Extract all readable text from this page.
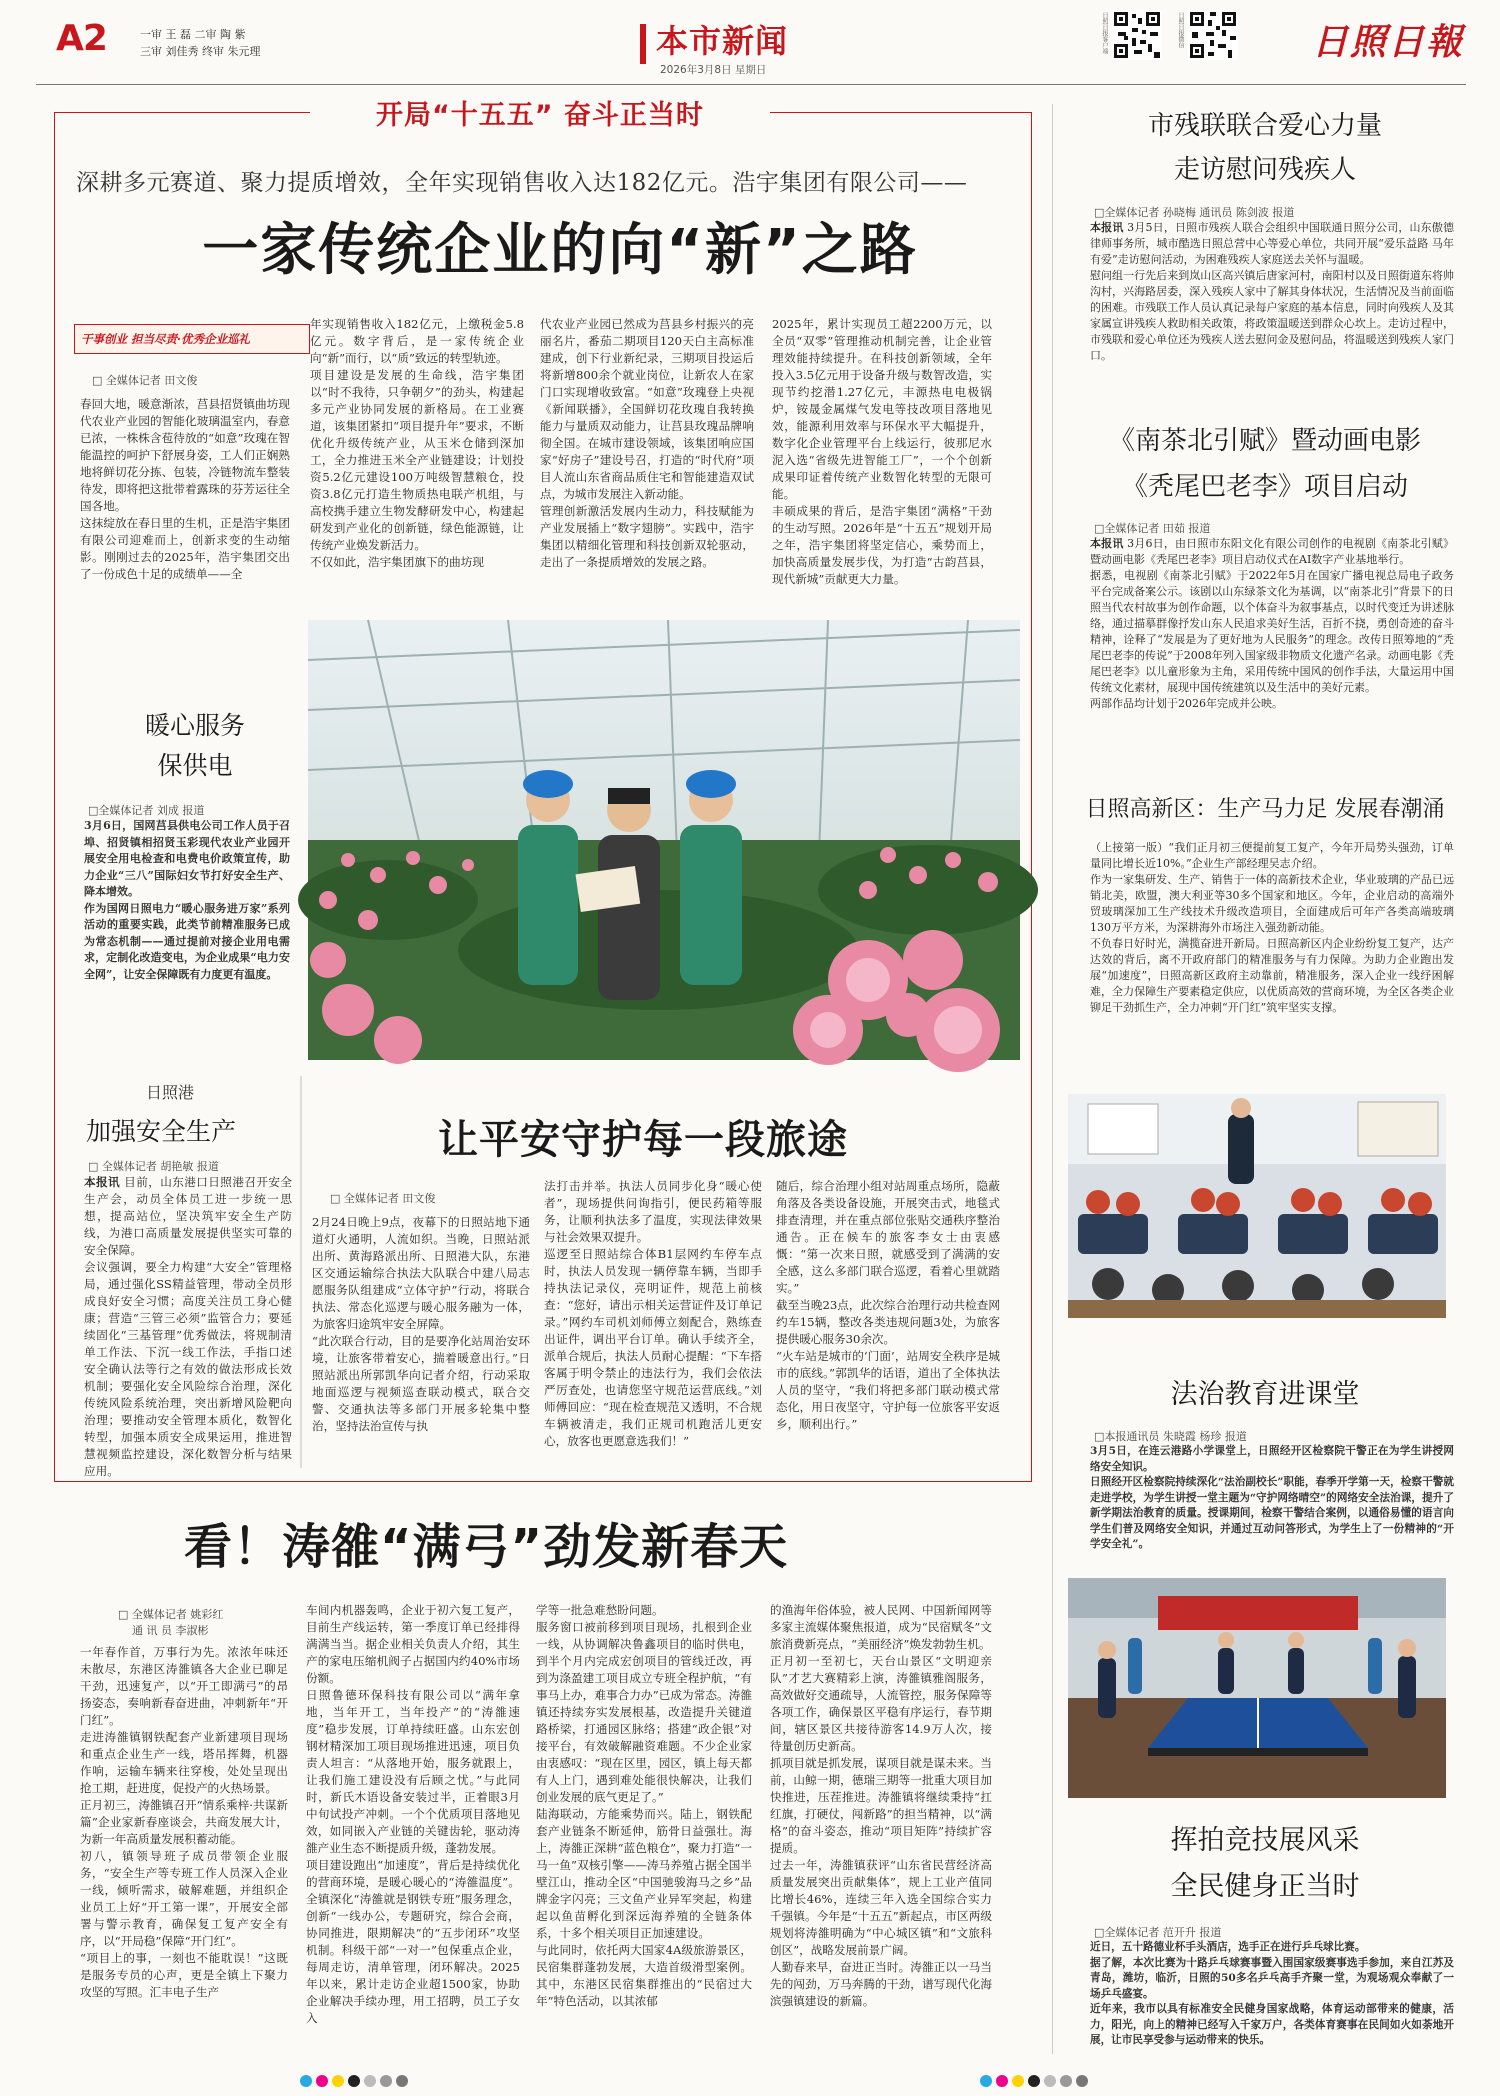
A2	一审 王 磊 二审 陶 紫
三审 刘佳秀 终审 朱元理	本市新闻
2026年3月8日 星期日
日照日报客户端	日照日报微信	日照日報
开局“十五五” 奋斗正当时
深耕多元赛道、聚力提质增效，全年实现销售收入达182亿元。浩宇集团有限公司——
一家传统企业的向“新”之路
干事创业 担当尽责·优秀企业巡礼
□ 全媒体记者 田文俊
春回大地，暖意渐浓，莒县招贤镇曲坊现代农业产业园的智能化玻璃温室内，春意已浓，一株株含苞待放的“如意”玫瑰在智能温控的呵护下舒展身姿，工人们正娴熟地将鲜切花分拣、包装，冷链物流车整装待发，即将把这批带着露珠的芬芳运往全国各地。
这抹绽放在春日里的生机，正是浩宇集团有限公司迎难而上，创新求变的生动缩影。刚刚过去的2025年，浩宇集团交出了一份成色十足的成绩单——全
年实现销售收入182亿元，上缴税金5.8亿元。数字背后，是一家传统企业向“新”而行，以“质”致远的转型轨迹。
项目建设是发展的生命线，浩宇集团以“时不我待，只争朝夕”的劲头，构建起多元产业协同发展的新格局。在工业赛道，该集团紧扣“项目提升年”要求，不断优化升级传统产业，从玉米仓储到深加工，全力推进玉米全产业链建设；计划投资5.2亿元建设100万吨级智慧粮仓，投资3.8亿元打造生物质热电联产机组，与高校携手建立生物发酵研发中心，构建起研发到产业化的创新链，绿色能源链，让传统产业焕发新活力。
不仅如此，浩宇集团旗下的曲坊现
代农业产业园已然成为莒县乡村振兴的亮丽名片，番茄二期项目120天白主高标准建成，创下行业新纪录，三期项目投运后将新增800余个就业岗位，让新农人在家门口实现增收致富。“如意”玫瑰登上央视《新闻联播》，全国鲜切花玫瑰自我转换能力与量质双动能力，让莒县玫瑰品牌响彻全国。在城市建设领域，该集团响应国家“好房子”建设号召，打造的“时代府”项目人流山东省商品质住宅和智能建造双试点，为城市发展注入新动能。
管理创新激活发展内生动力，科技赋能为产业发展插上“数字翅膀”。实践中，浩宇集团以精细化管理和科技创新双轮驱动，走出了一条提质增效的发展之路。
2025年，累计实现员工超2200万元，以全员“双零”管理推动机制完善，让企业管理效能持续提升。在科技创新领域，全年投入3.5亿元用于设备升级与数智改造，实现节约挖潜1.27亿元，丰源热电电极锅炉，铵晟金属煤气发电等技改项目落地见效，能源利用效率与环保水平大幅提升，数字化企业管理平台上线运行，彼那尼水泥入选“省级先进智能工厂”，一个个创新成果印证着传统产业数智化转型的无限可能。
丰硕成果的背后，是浩宇集团“满格”干劲的生动写照。2026年是“十五五”规划开局之年，浩宇集团将坚定信心，乘势而上，加快高质量发展步伐，为打造“古韵莒县，现代新城”贡献更大力量。
暖心服务
保供电
□全媒体记者 刘成 报道
3月6日，国网莒县供电公司工作人员于召埠、招贤镇相招贤玉彩现代农业产业园开展安全用电检查和电费电价政策宣传，助力企业“三八”国际妇女节打好安全生产、降本增效。
作为国网日照电力“暖心服务进万家”系列活动的重要实践，此类节前精准服务已成为常态机制——通过提前对接企业用电需求，定制化改造变电，为企业成果“电力安全网”，让安全保障既有力度更有温度。
日照港
加强安全生产
□ 全媒体记者 胡艳敏 报道
本报讯 目前，山东港口日照港召开安全生产会，动员全体员工进一步统一思想，提高站位，坚决筑牢安全生产防线，为港口高质量发展提供坚实可靠的安全保障。
会议强调，要全力构建“大安全”管理格局，通过强化SS精益管理，带动全员形成良好安全习惯；高度关注员工身心健康；营造“三管三必须”监管合力；要延续固化“三基管理”优秀做法，将规制清单工作法、下沉一线工作法，手指口述安全确认法等行之有效的做法形成长效机制；要强化安全风险综合治理，深化传统风险系统治理，突出新增风险靶向治理；要推动安全管理本质化，数智化转型，加强本质安全成果运用，推进智慧视频监控建设，深化数智分析与结果应用。
让平安守护每一段旅途
□ 全媒体记者 田文俊
2月24日晚上9点，夜幕下的日照站地下通道灯火通明，人流如织。当晚，日照站派出所、黄海路派出所、日照港大队，东港区交通运输综合执法大队联合中建八局志愿服务队组建成“立体守护”行动，将联合执法、常态化巡逻与暖心服务融为一体，为旅客归途筑牢安全屏障。
“此次联合行动，目的是要净化站周治安环境，让旅客带着安心，揣着暖意出行。”日照站派出所郭凯华向记者介绍，行动采取地面巡逻与视频巡查联动模式，联合交警、交通执法等多部门开展多轮集中整治，坚持法治宣传与执
法打击并举。执法人员同步化身“暖心使者”，现场提供问询指引，便民药箱等服务，让顺利执法多了温度，实现法律效果与社会效果双提升。
巡逻至日照站综合体B1层网约车停车点时，执法人员发现一辆停靠车辆，当即手持执法记录仪，亮明证件，规范上前核查：“您好，请出示相关运营证件及订单记录。”网约车司机刘师傅立刻配合，熟练查出证件，调出平台订单。确认手续齐全，派单合规后，执法人员耐心提醒：“下车搭客属于明令禁止的违法行为，我们会依法严厉查处，也请您坚守规范运营底线。”刘师傅回应：“现在检查规范又透明，不合规车辆被清走，我们正规司机跑活儿更安心，放客也更愿意选我们！”
随后，综合治理小组对站周重点场所，隐蔽角落及各类设备设施，开展突击式，地毯式排查清理，并在重点部位张贴交通秩序整治通告。正在候车的旅客李女士由衷感慨：“第一次来日照，就感受到了满满的安全感，这么多部门联合巡逻，看着心里就踏实。”
截至当晚23点，此次综合治理行动共检查网约车15辆，整改各类违规问题3处，为旅客提供暖心服务30余次。
“火车站是城市的‘门面’，站周安全秩序是城市的底线。”郭凯华的话语，道出了全体执法人员的坚守，“我们将把多部门联动模式常态化，用日夜坚守，守护每一位旅客平安返乡，顺利出行。”
看！涛雒“满弓”劲发新春天
□ 全媒体记者 姚彩红
通 讯 员 李淑彬
一年春作首，万事行为先。浓浓年味还未散尽，东港区涛雒镇各大企业已聊足干劲，迅速复产，以“开工即满弓”的昂扬姿态，奏响新春奋进曲，冲刺新年“开门红”。
走进涛雒镇钢铁配套产业新建项目现场和重点企业生产一线，塔吊挥舞，机器作响，运输车辆来往穿梭，处处呈现出抢工期，赶进度，促投产的火热场景。
正月初三，涛雒镇召开“情系乘梓·共谋新篇”企业家新春座谈会，共商发展大计，为新一年高质量发展积蓄动能。
初八，镇领导班子成员带领企业服务，“安全生产等专班工作人员深入企业一线，倾听需求，破解难题，并组织企业员工上好“开工第一课”，开展安全部署与警示教育，确保复工复产安全有序，以“开局稳”保障“开门红”。
“项目上的事，一刻也不能耽误！”这既是服务专员的心声，更是全镇上下聚力攻坚的写照。汇丰电子生产
车间内机器轰鸣，企业于初六复工复产，目前生产线运转，第一季度订单已经排得满满当当。据企业相关负责人介绍，其生产的家电压缩机阀子占据国内约40%市场份额。
日照鲁德环保科技有限公司以“满年拿地，当年开工，当年投产”的“涛雒速度”稳步发展，订单持续旺盛。山东宏创钢材精深加工项目现场推进迅速，项目负责人坦言：“从落地开始，服务就跟上，让我们施工建设没有后顾之忧。”与此同时，新氏木语设备安装过半，正着眼3月中旬试投产冲刺。一个个优质项目落地见效，如同嵌入产业链的关键齿轮，驱动涛雒产业生态不断提质升级，蓬勃发展。
项目建设跑出“加速度”，背后是持续优化的营商环境，是暖心暖心的“涛雒温度”。全镇深化“涛雒就是钢铁专班”服务理念，创新“一线办公，专题研究，综合会商，协同推进，限期解决”的“五步闭环”攻坚机制。科级干部“一对一”包保重点企业，每周走访，清单管理，闭环解决。2025年以来，累计走访企业超1500家，协助企业解决手续办理，用工招聘，员工子女入
学等一批急难愁盼问题。
服务窗口被前移到项目现场，扎根到企业一线，从协调解决鲁鑫项目的临时供电，到半个月内完成宏创项目的管线迁改，再到为涤盈建工项目成立专班全程护航，“有事马上办，难事合力办”已成为常态。涛雒镇还持续夯实发展根基，改造提升关键道路桥梁，打通园区脉络；搭建“政企银”对接平台，有效破解融资难题。不少企业家由衷感叹：“现在区里，园区，镇上每天都有人上门，遇到难处能很快解决，让我们创业发展的底气更足了。”
陆海联动，方能乘势而兴。陆上，钢铁配套产业链条不断延伸，筋骨日益强壮。海上，涛雒正深耕“蓝色粮仓”，聚力打造“一马一鱼”双核引擎——涛马养殖占据全国半壁江山，推动全区“中国驰骏海马之乡”品牌金字闪亮；三文鱼产业异军突起，构建起以鱼苗孵化到深远海养殖的全链条体系，十多个相关项目正加速建设。
与此同时，依托两大国家4A级旅游景区，民宿集群蓬勃发展，大造首级滑型案例。其中，东港区民宿集群推出的“民宿过大年”特色活动，以其浓郁
的渔海年俗体验，被人民网、中国新闻网等多家主流媒体聚焦报道，成为“民宿赋冬”文旅消费新亮点，“美丽经济”焕发勃勃生机。
正月初一至初七，天台山景区“文明迎亲队”才艺大赛精彩上演，涛雒镇雅阁服务，高效做好交通疏导，人流管控，服务保障等各项工作，确保景区平稳有序运行，春节期间，辖区景区共接待游客14.9万人次，接待量创历史新高。
抓项目就是抓发展，谋项目就是谋未来。当前，山鲸一期，德瑞三期等一批重大项目加快推进，压茬推进。涛雒镇将继续秉持“扛红旗，打硬仗，闯新路”的担当精神，以“满格”的奋斗姿态，推动“项目矩阵”持续扩容提质。
过去一年，涛雒镇获评“山东省民营经济高质量发展突出贡献集体”，规上工业产值同比增长46%，连续三年入选全国综合实力千强镇。今年是“十五五”新起点，市区两级规划将涛雒明确为“中心城区镇”和“文旅科创区”，战略发展前景广阔。
人勤春来早，奋进正当时。涛雒正以一马当先的闯劲，万马奔腾的干劲，谱写现代化海滨强镇建设的新篇。
市残联联合爱心力量
走访慰问残疾人
□全媒体记者 孙晓梅 通讯员 陈剑波 报道
本报讯 3月5日，日照市残疾人联合会组织中国联通日照分公司，山东傲德律师事务所，城市酷选日照总营中心等爱心单位，共同开展“爱乐益路 马年有爱”走访慰问活动，为困难残疾人家庭送去关怀与温暖。
慰问组一行先后来到岚山区高兴镇后唐家河村，南阳村以及日照街道东将帅沟村，兴海路居委，深入残疾人家中了解其身体状况，生活情况及当前面临的困难。市残联工作人员认真记录每户家庭的基本信息，同时向残疾人及其家属宣讲残疾人救助相关政策，将政策温暖送到群众心坎上。走访过程中，市残联和爱心单位还为残疾人送去慰问金及慰问品，将温暖送到残疾人家门口。
《南茶北引赋》暨动画电影
《秃尾巴老李》项目启动
□全媒体记者 田茹 报道
本报讯 3月6日，由日照市东阳文化有限公司创作的电视剧《南茶北引赋》暨动画电影《秃尾巴老李》项目启动仪式在AI数字产业基地举行。
据悉，电视剧《南茶北引赋》于2022年5月在国家广播电视总局电子政务平台完成备案公示。该剧以山东绿茶文化为基调，以“南茶北引”背景下的日照当代农村故事为创作命题，以个体奋斗为叙事基点，以时代变迁为讲述脉络，通过描摹群像抒发山东人民追求美好生活，百折不挠，勇创奇迹的奋斗精神，诠释了“发展是为了更好地为人民服务”的理念。改传日照筹地的“秃尾巴老李的传说”于2008年列入国家级非物质文化遗产名录。动画电影《秃尾巴老李》以儿童形象为主角，采用传统中国风的创作手法，大量运用中国传统文化素材，展现中国传统建筑以及生活中的美好元素。
两部作品均计划于2026年完成并公映。
日照高新区：生产马力足 发展春潮涌
（上接第一版）“我们正月初三便提前复工复产，今年开局势头强劲，订单量同比增长近10%。”企业生产部经理吴志介绍。
作为一家集研发、生产、销售于一体的高新技术企业，华业玻璃的产品已远销北美，欧盟，澳大利亚等30多个国家和地区。今年，企业启动的高端外贸玻璃深加工生产线技术升级改造项目，全面建成后可年产各类高端玻璃130万平方米，为深耕海外市场注入强劲新动能。
不负春日好时光，满揽奋进开新局。日照高新区内企业纷纷复工复产，达产达效的背后，离不开政府部门的精准服务与有力保障。为助力企业跑出发展“加速度”，日照高新区政府主动靠前，精准服务，深入企业一线纾困解难，全力保障生产要素稳定供应，以优质高效的营商环境，为全区各类企业铆足干劲抓生产，全力冲刺“开门红”筑牢坚实支撑。
法治教育进课堂
□本报通讯员 朱晓霞 杨珍 报道
3月5日，在连云港路小学课堂上，日照经开区检察院干警正在为学生讲授网络安全知识。
日照经开区检察院持续深化“法治副校长”职能，春季开学第一天，检察干警就走进学校，为学生讲授一堂主题为“守护网络晴空”的网络安全法治课，提升了新学期法治教育的质量。授课期间，检察干警结合案例，以通俗易懂的语言向学生们普及网络安全知识，并通过互动问答形式，为学生上了一份精神的“开学安全礼”。
挥拍竞技展风采
全民健身正当时
□全媒体记者 范开升 报道
近日，五十路德业杯手头酒店，选手正在进行乒乓球比赛。
据了解，本次比赛为十路乒乓球赛事暨入围国家级赛事选手参加，来自江苏及青岛，潍坊，临沂，日照的50多名乒乓高手齐聚一堂，为观场观众奉献了一场乒乓盛宴。
近年来，我市以具有标准安全民健身国家战略，体育运动部带来的健康，活力，阳光，向上的精神已经写入千家万户，各类体育赛事在民间如火如荼地开展，让市民享受参与运动带来的快乐。
